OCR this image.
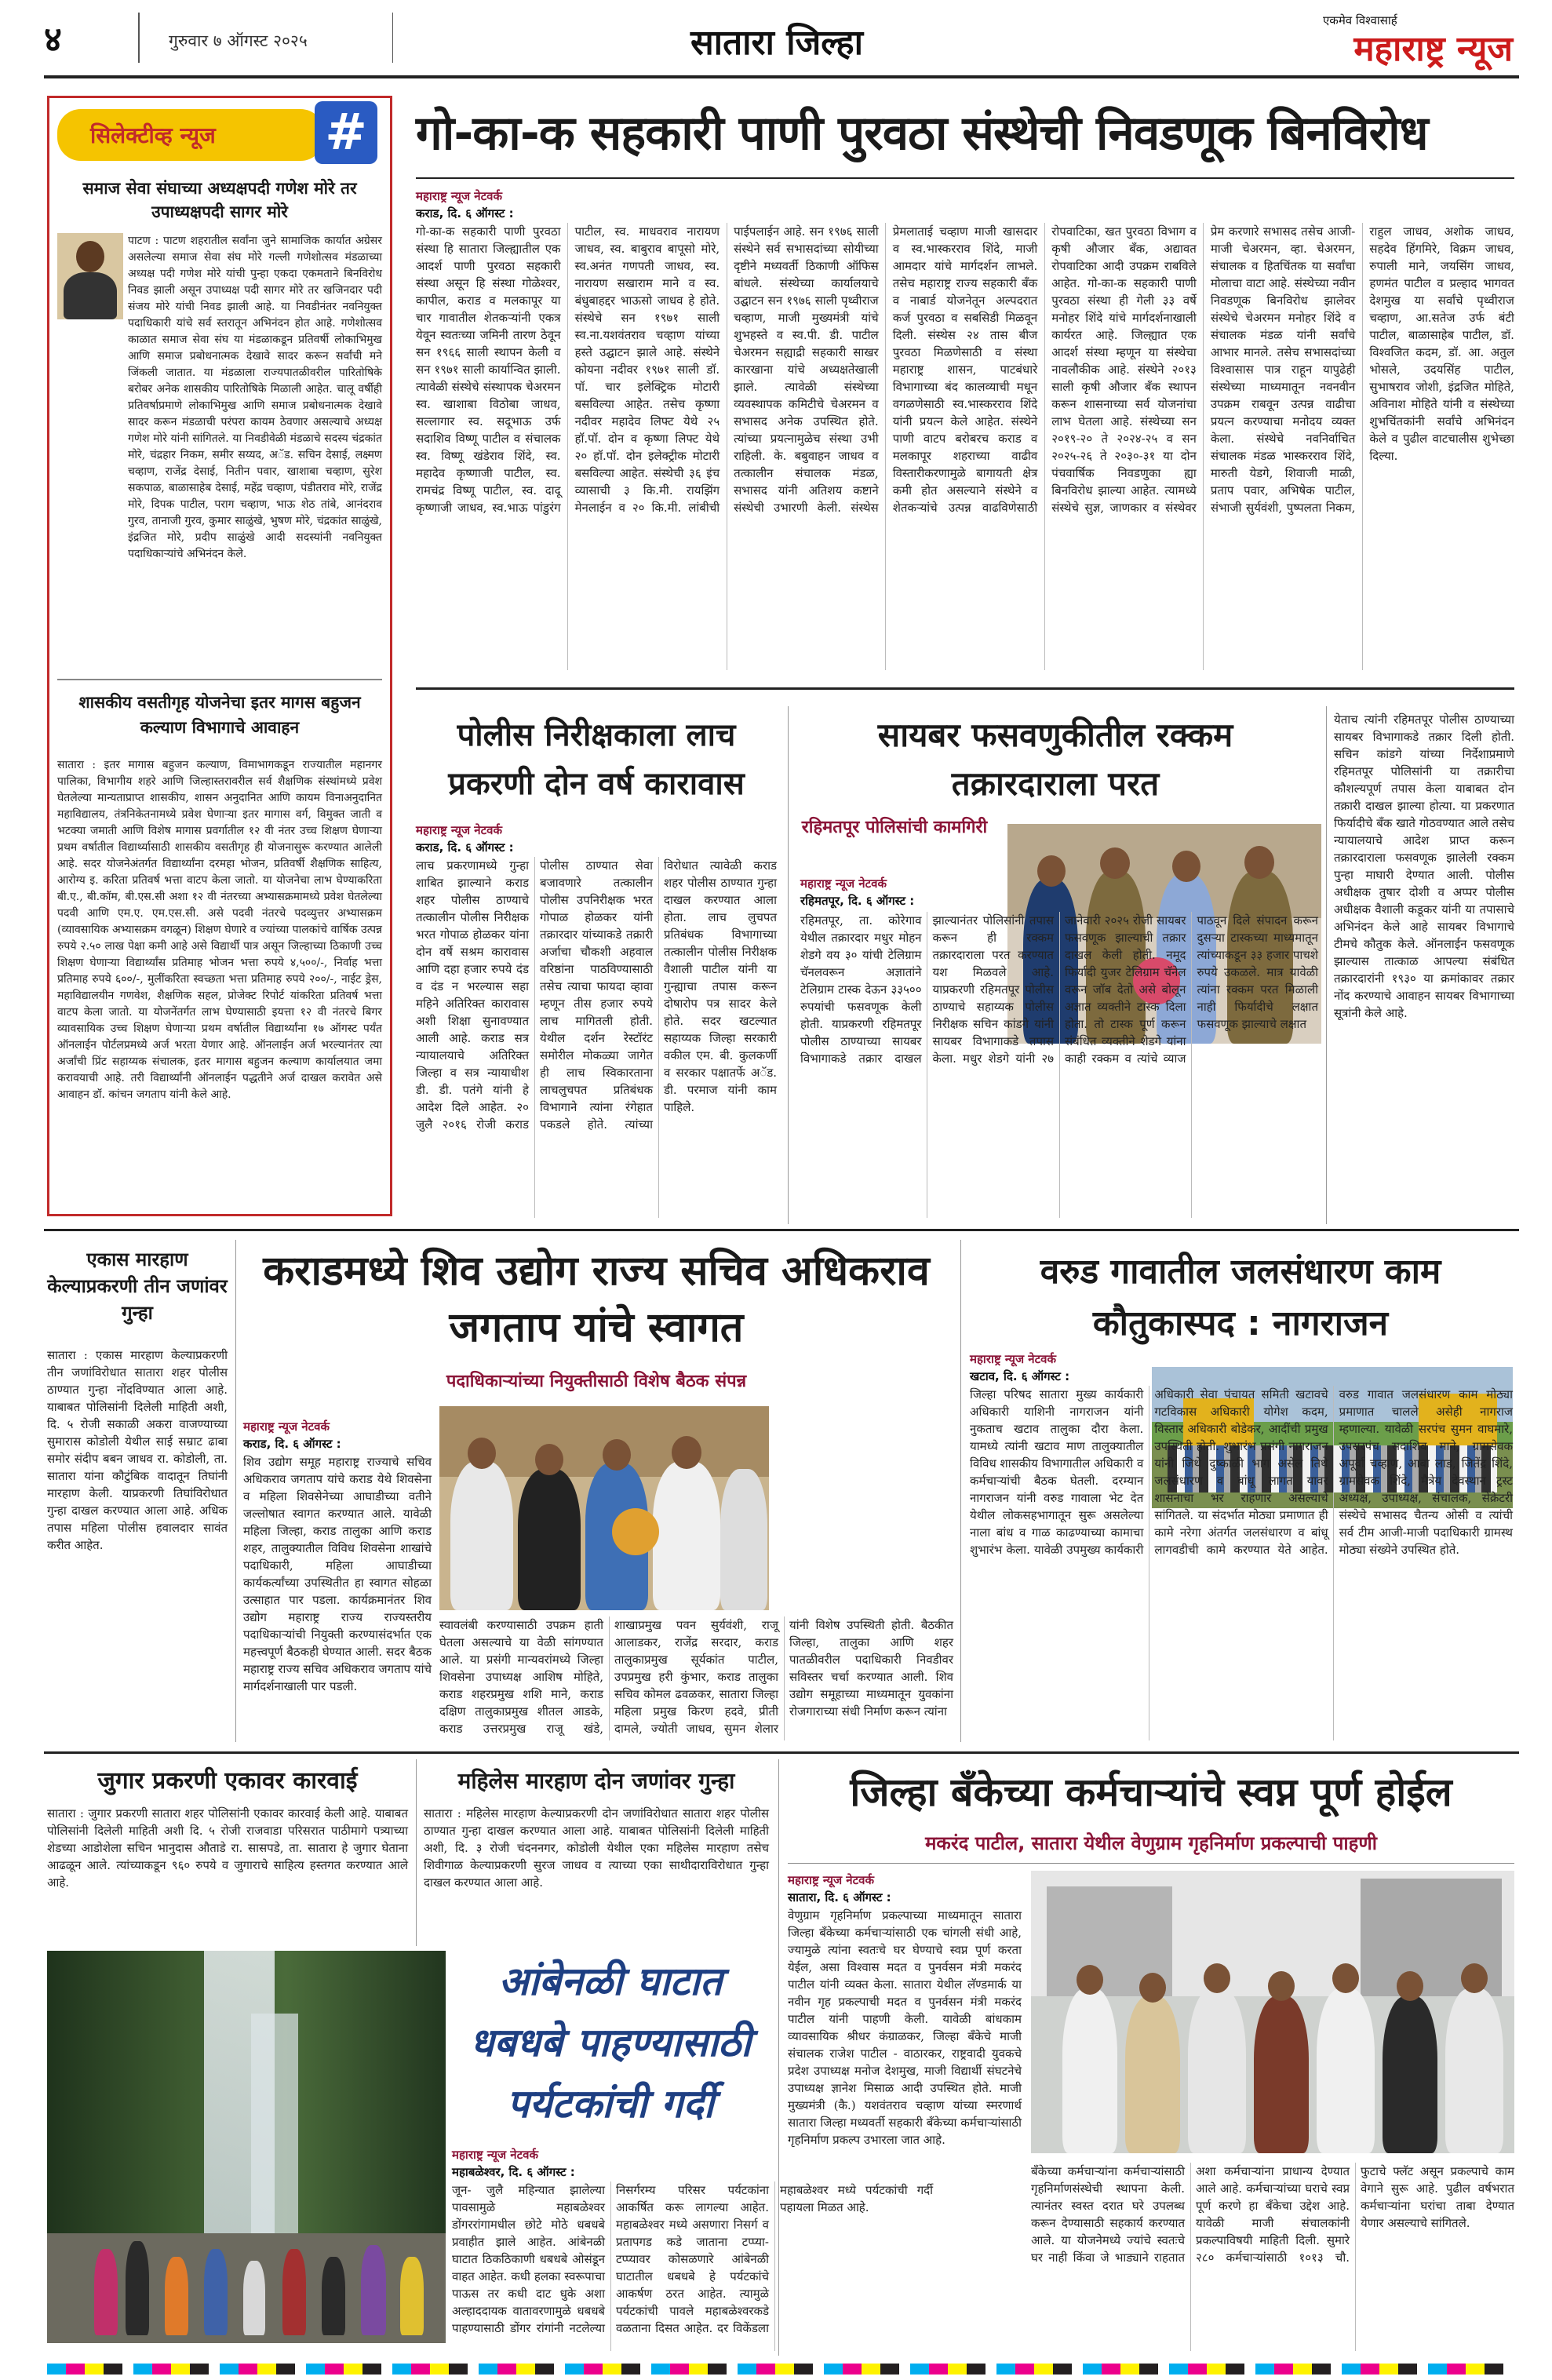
४	गुरुवार ७ ऑगस्ट २०२५	सातारा जिल्हा
एकमेव विश्वासार्ह
महाराष्ट्र न्यूज
सिलेक्टीव्ह न्यूज #
समाज सेवा संघाच्या अध्यक्षपदी गणेश मोरे तर उपाध्यक्षपदी सागर मोरे
पाटण : पाटण शहरातील सर्वांना जुने सामाजिक कार्यात अग्रेसर असलेल्या समाज सेवा संघ मोरे गल्ली गणेशोत्सव मंडळाच्या अध्यक्ष पदी गणेश मोरे यांची पुन्हा एकदा एकमताने बिनविरोध निवड झाली असून उपाध्यक्ष पदी सागर मोरे तर खजिनदार पदी संजय मोरे यांची निवड झाली आहे. या निवडीनंतर नवनियुक्त पदाधिकारी यांचे सर्व स्तरातून अभिनंदन होत आहे. गणेशोत्सव काळात समाज सेवा संघ या मंडळाकडून प्रतिवर्षी लोकाभिमुख आणि समाज प्रबोधनात्मक देखावे सादर करून सर्वांची मने जिंकली जातात. या मंडळाला राज्यपातळीवरील पारितोषिके बरोबर अनेक शासकीय पारितोषिके मिळाली आहेत. चालू वर्षीही प्रतिवर्षाप्रमाणे लोकाभिमुख आणि समाज प्रबोधनात्मक देखावे सादर करून मंडळाची परंपरा कायम ठेवणार असल्याचे अध्यक्ष गणेश मोरे यांनी सांगितले. या निवडीवेळी मंडळाचे सदस्य चंद्रकांत मोरे, चंद्रहार निकम, समीर सय्यद, अॅड. सचिन देसाई, लक्ष्मण चव्हाण, राजेंद्र देसाई, नितीन पवार, खाशाबा चव्हाण, सुरेश सकपाळ, बाळासाहेब देसाई, महेंद्र चव्हाण, पंडीतराव मोरे, राजेंद्र मोरे, दिपक पाटील, पराग चव्हाण, भाऊ शेठ तांबे, आनंदराव गुरव, तानाजी गुरव, कुमार साळुंखे, भुषण मोरे, चंद्रकांत साळुंखे, इंद्रजित मोरे, प्रदीप साळुंखे आदी सदस्यांनी नवनियुक्त पदाधिकाऱ्यांचे अभिनंदन केले.
शासकीय वसतीगृह योजनेचा इतर मागस बहुजन कल्याण विभागाचे आवाहन
सातारा : इतर मागास बहुजन कल्याण, विमाभागकडून राज्यातील महानगर पालिका, विभागीय शहरे आणि जिल्हास्तरावरील सर्व शैक्षणिक संस्थांमध्ये प्रवेश घेतलेल्या मान्यताप्राप्त शासकीय, शासन अनुदानित आणि कायम विनाअनुदानित महाविद्यालय, तंत्रनिकेतनामध्ये प्रवेश घेणाऱ्या इतर मागास वर्ग, विमुक्त जाती व भटक्या जमाती आणि विशेष मागास प्रवर्गातील १२ वी नंतर उच्च शिक्षण घेणाऱ्या प्रथम वर्षातील विद्यार्थ्यासाठी शासकीय वसतीगृह ही योजनासुरू करण्यात आलेली आहे. सदर योजनेअंतर्गत विद्यार्थ्यांना दरमहा भोजन, प्रतिवर्षी शैक्षणिक साहित्य, आरोग्य इ. करिता प्रतिवर्ष भत्ता वाटप केला जातो. या योजनेचा लाभ घेण्याकरिता बी.ए., बी.कॉम, बी.एस.सी अशा १२ वी नंतरच्या अभ्यासक्रमामध्ये प्रवेश घेतलेल्या पदवी आणि एम.ए. एम.एस.सी. असे पदवी नंतरचे पदव्युत्तर अभ्यासक्रम (व्यावसायिक अभ्यासक्रम वगळून) शिक्षण घेणारे व ज्यांच्या पालकांचे वार्षिक उत्पन्न रुपये २.५० लाख पेक्षा कमी आहे असे विद्यार्थी पात्र असून जिल्हाच्या ठिकाणी उच्च शिक्षण घेणाऱ्या विद्यार्थ्यांस प्रतिमाह भोजन भत्ता रुपये ४,५००/-, निर्वाह भत्ता प्रतिमाह रुपये ६००/-, मुलींकरिता स्वच्छता भत्ता प्रतिमाह रुपये २००/-, नाईट ड्रेस, महाविद्यालयीन गणवेश, शैक्षणिक सहल, प्रोजेक्ट रिपोर्ट यांकरिता प्रतिवर्ष भत्ता वाटप केला जातो. या योजनेंतर्गत लाभ घेण्यासाठी इयत्ता १२ वी नंतरचे बिगर व्यावसायिक उच्च शिक्षण घेणाऱ्या प्रथम वर्षातील विद्यार्थ्यांना १७ ऑगस्ट पर्यंत ऑनलाईन पोर्टलप्रमध्ये अर्ज भरता येणार आहे. ऑनलाईन अर्ज भरल्यानंतर त्या अर्जांची प्रिंट सहाय्यक संचालक, इतर मागास बहुजन कल्याण कार्यालयात जमा करावयाची आहे. तरी विद्यार्थ्यांनी ऑनलाईन पद्धतीने अर्ज दाखल करावेत असे आवाहन डॉ. कांचन जगताप यांनी केले आहे.
गो-का-क सहकारी पाणी पुरवठा संस्थेची निवडणूक बिनविरोध
महाराष्ट्र न्यूज नेटवर्क
कराड, दि. ६ ऑगस्ट :
गो-का-क सहकारी पाणी पुरवठा संस्था हि सातारा जिल्ह्यातील एक आदर्श पाणी पुरवठा सहकारी संस्था असून हि संस्था गोळेश्वर, कापील, कराड व मलकापूर या चार गावातील शेतकऱ्यांनी एकत्र येवून स्वतःच्या जमिनी तारण ठेवून सन १९६६ साली स्थापन केली व सन १९७१ साली कार्यान्वित झाली. त्यावेळी संस्थेचे संस्थापक चेअरमन स्व. खाशाबा विठोबा जाधव, सल्लागार स्व. सदूभाऊ उर्फ सदाशिव विष्णू पाटील व संचालक स्व. विष्णू खंडेराव शिंदे, स्व. महादेव कृष्णाजी पाटील, स्व. रामचंद्र विष्णू पाटील, स्व. दादू कृष्णाजी जाधव, स्व.भाऊ पांडुरंग पाटील, स्व. माधवराव नारायण जाधव, स्व. बाबुराव बापूसो मोरे, स्व.अनंत गणपती जाधव, स्व. नारायण सखाराम माने व स्व. बंधुबाहद्दर भाऊसो जाधव हे होते. संस्थेचे सन १९७१ साली स्व.ना.यशवंतराव चव्हाण यांच्या हस्ते उद्घाटन झाले आहे. संस्थेने कोयना नदीवर १९७१ साली डॉ. पॉ. चार इलेक्ट्रिक मोटारी बसविल्या आहेत. तसेच कृष्णा नदीवर महादेव लिफ्ट येथे २५ हॉ.पॉ. दोन व कृष्णा लिफ्ट येथे २० हॉ.पॉ. दोन इलेक्ट्रीक मोटारी बसविल्या आहेत. संस्थेची ३६ इंच व्यासाची ३ कि.मी. रायझिंग मेनलाईन व २० कि.मी. लांबीची पाईपलाईन आहे. सन १९७६ साली संस्थेने सर्व सभासदांच्या सोयीच्या दृष्टीने मध्यवर्ती ठिकाणी ऑफिस बांधले. संस्थेच्या कार्यालयाचे उद्घाटन सन १९७६ साली पृथ्वीराज चव्हाण, माजी मुख्यमंत्री यांचे शुभहस्ते व स्व.पी. डी. पाटील चेअरमन सह्याद्री सहकारी साखर कारखाना यांचे अध्यक्षतेखाली झाले. त्यावेळी संस्थेच्या व्यवस्थापक कमिटीचे चेअरमन व सभासद अनेक उपस्थित होते. त्यांच्या प्रयत्नामुळेच संस्था उभी राहिली. के. बबुवाहन जाधव व तत्कालीन संचालक मंडळ, सभासद यांनी अतिशय कष्टाने संस्थेची उभारणी केली. संस्थेस प्रेमलाताई चव्हाण माजी खासदार व स्व.भास्करराव शिंदे, माजी आमदार यांचे मार्गदर्शन लाभले. तसेच महाराष्ट्र राज्य सहकारी बँक व नाबार्ड योजनेतून अल्पदरात कर्ज पुरवठा व सबसिडी मिळवून दिली. संस्थेस २४ तास बीज पुरवठा मिळणेसाठी व संस्था महाराष्ट्र शासन, पाटबंधारे विभागाच्या बंद कालव्याची मधून वगळणेसाठी स्व.भास्करराव शिंदे यांनी प्रयत्न केले आहेत. संस्थेने पाणी वाटप बरोबरच कराड व मलकापूर शहराच्या वाढीव विस्तारीकरणामुळे बागायती क्षेत्र कमी होत असल्याने संस्थेने व शेतकऱ्यांचे उत्पन्न वाढविणेसाठी रोपवाटिका, खत पुरवठा विभाग व कृषी औजार बँक, अद्यावत रोपवाटिका आदी उपक्रम राबविले आहेत. गो-का-क सहकारी पाणी पुरवठा संस्था ही गेली ३३ वर्षे मनोहर शिंदे यांचे मार्गदर्शनाखाली कार्यरत आहे. जिल्ह्यात एक आदर्श संस्था म्हणून या संस्थेचा नावलौकीक आहे. संस्थेने २०१३ साली कृषी औजार बँक स्थापन करून शासनाच्या सर्व योजनांचा लाभ घेतला आहे. संस्थेच्या सन २०१९-२० ते २०२४-२५ व सन २०२५-२६ ते २०३०-३१ या दोन पंचवार्षिक निवडणुका ह्या बिनविरोध झाल्या आहेत. त्यामध्ये संस्थेचे सुज्ञ, जाणकार व संस्थेवर प्रेम करणारे सभासद तसेच आजी-माजी चेअरमन, व्हा. चेअरमन, संचालक व हितचिंतक या सर्वांचा मोलाचा वाटा आहे. संस्थेच्या नवीन निवडणूक बिनविरोध झालेवर संस्थेचे चेअरमन मनोहर शिंदे व संचालक मंडळ यांनी सर्वांचे आभार मानले. तसेच सभासदांच्या विश्वासास पात्र राहून यापुढेही संस्थेच्या माध्यमातून नवनवीन उपक्रम राबवून उत्पन्न वाढीचा प्रयत्न करण्याचा मनोदय व्यक्त केला. संस्थेचे नवनिर्वाचित संचालक मंडळ भास्करराव शिंदे, मारुती येडगे, शिवाजी माळी, प्रताप पवार, अभिषेक पाटील, संभाजी सुर्यवंशी, पुष्पलता निकम, राहुल जाधव, अशोक जाधव, सहदेव हिंगमिरे, विक्रम जाधव, रुपाली माने, जयसिंग जाधव, हणमंत पाटील व प्रल्हाद भागवत देशमुख या सर्वांचे पृथ्वीराज चव्हाण, आ.सतेज उर्फ बंटी पाटील, बाळासाहेब पाटील, डॉ. विश्वजित कदम, डॉ. आ. अतुल भोसले, उदयसिंह पाटील, सुभाषराव जोशी, इंद्रजित मोहिते, अविनाश मोहिते यांनी व संस्थेच्या शुभचिंतकांनी सर्वांचे अभिनंदन केले व पुढील वाटचालीस शुभेच्छा दिल्या.
पोलीस निरीक्षकाला लाच प्रकरणी दोन वर्ष कारावास
महाराष्ट्र न्यूज नेटवर्क
कराड, दि. ६ ऑगस्ट :
लाच प्रकरणामध्ये गुन्हा शाबित झाल्याने कराड शहर पोलीस ठाण्याचे तत्कालीन पोलीस निरीक्षक भरत गोपाळ होळकर यांना दोन वर्षे सश्रम कारावास आणि दहा हजार रुपये दंड व दंड न भरल्यास सहा महिने अतिरिक्त कारावास अशी शिक्षा सुनावण्यात आली आहे. कराड सत्र न्यायालयाचे अतिरिक्त जिल्हा व सत्र न्यायाधीश डी. डी. पतंगे यांनी हे आदेश दिले आहेत. २० जुलै २०१६ रोजी कराड पोलीस ठाण्यात सेवा बजावणारे तत्कालीन पोलीस उपनिरीक्षक भरत गोपाळ होळकर यांनी तक्रारदार यांच्याकडे तक्रारी अर्जाचा चौकशी अहवाल वरिष्ठांना पाठविण्यासाठी तसेच त्याचा फायदा व्हावा म्हणून तीस हजार रुपये लाच मागितली होती. येथील दर्शन रेस्टॉरंट समोरील मोकळ्या जागेत ही लाच स्विकारताना लाचलुचपत प्रतिबंधक विभागाने त्यांना रंगेहात पकडले होते. त्यांच्या विरोधात त्यावेळी कराड शहर पोलीस ठाण्यात गुन्हा दाखल करण्यात आला होता. लाच लुचपत प्रतिबंधक विभागाच्या तत्कालीन पोलीस निरीक्षक वैशाली पाटील यांनी या गुन्ह्याचा तपास करून दोषारोप पत्र सादर केले होते. सदर खटल्यात सहाय्यक जिल्हा सरकारी वकील एम. बी. कुलकर्णी व सरकार पक्षातर्फे अॅड. डी. परमाज यांनी काम पाहिले.
सायबर फसवणुकीतील रक्कम तक्रारदाराला परत
रहिमतपूर पोलिसांची कामगिरी
महाराष्ट्र न्यूज नेटवर्क
रहिमतपूर, दि. ६ ऑगस्ट :
रहिमतपूर, ता. कोरेगाव येथील तक्रारदार मधुर मोहन शेडगे वय ३० यांची टेलिग्राम चॅनलवरून अज्ञातांने टेलिग्राम टास्क देऊन ३३५०० रुपयांची फसवणूक केली होती. याप्रकरणी रहिमतपूर पोलीस ठाण्याच्या सायबर विभागाकडे तक्रार दाखल झाल्यानंतर पोलिसांनी तपास करून ही रक्कम तक्रारदाराला परत करण्यात यश मिळवले आहे. याप्रकरणी रहिमतपूर पोलीस ठाण्याचे सहाय्यक पोलीस निरीक्षक सचिन कांडगे यांनी सायबर विभागाकडे तपास केला. मधुर शेडगे यांनी २७ जानेवारी २०२५ रोजी सायबर फसवणूक झाल्याची तक्रार दाखल केली होती. नमूद फिर्यादी युजर टेलिग्राम चॅनेल वरून जॉब देतो असे बोलून अज्ञात व्यक्तीने टास्क दिला होता. तो टास्क पूर्ण करून संबंधित व्यक्तीने शेडगे यांना काही रक्कम व त्यांचे व्याज पाठवून दिले संपादन करून दुसऱ्या टास्कच्या माध्यमातून त्यांच्याकडून ३३ हजार पाचशे रुपये उकळले. मात्र यावेळी त्यांना रक्कम परत मिळाली नाही फिर्यादीचे लक्षात फसवणूक झाल्याचे लक्षात
येताच त्यांनी रहिमतपूर पोलीस ठाण्याच्या सायबर विभागाकडे तक्रार दिली होती. सचिन कांडगे यांच्या निर्देशाप्रमाणे रहिमतपूर पोलिसांनी या तक्रारीचा कौशल्यपूर्ण तपास केला याबाबत दोन तक्रारी दाखल झाल्या होत्या. या प्रकरणात फिर्यादीचे बँक खाते गोठवण्यात आले तसेच न्यायालयाचे आदेश प्राप्त करून तक्रारदाराला फसवणूक झालेली रक्कम पुन्हा माघारी देण्यात आली. पोलीस अधीक्षक तुषार दोशी व अप्पर पोलीस अधीक्षक वैशाली कडूकर यांनी या तपासाचे अभिनंदन केले आहे सायबर विभागाचे टीमचे कौतुक केले. ऑनलाईन फसवणूक झाल्यास तात्काळ आपल्या संबंधित तक्रारदारांनी १९३० या क्रमांकावर तक्रार नोंद करण्याचे आवाहन सायबर विभागाच्या सूत्रांनी केले आहे.
एकास मारहाण केल्याप्रकरणी तीन जणांवर गुन्हा
सातारा : एकास मारहाण केल्याप्रकरणी तीन जणांविरोधात सातारा शहर पोलीस ठाण्यात गुन्हा नोंदविण्यात आला आहे. याबाबत पोलिसांनी दिलेली माहिती अशी, दि. ५ रोजी सकाळी अकरा वाजण्याच्या सुमारास कोडोली येथील साई सम्राट ढाबा समोर संदीप बबन जाधव रा. कोडोली, ता. सातारा यांना कौटुंबिक वादातून तिघांनी मारहाण केली. याप्रकरणी तिघांविरोधात गुन्हा दाखल करण्यात आला आहे. अधिक तपास महिला पोलीस हवालदार सावंत करीत आहेत.
कराडमध्ये शिव उद्योग राज्य सचिव अधिकराव जगताप यांचे स्वागत
पदाधिकाऱ्यांच्या नियुक्तीसाठी विशेष बैठक संपन्न
महाराष्ट्र न्यूज नेटवर्क
कराड, दि. ६ ऑगस्ट :
शिव उद्योग समूह महाराष्ट्र राज्याचे सचिव अधिकराव जगताप यांचे कराड येथे शिवसेना व महिला शिवसेनेच्या आघाडीच्या वतीने जल्लोषात स्वागत करण्यात आले. यावेळी महिला जिल्हा, कराड तालुका आणि कराड शहर, तालुक्यातील विविध शिवसेना शाखांचे पदाधिकारी, महिला आघाडीच्या कार्यकर्त्यांच्या उपस्थितीत हा स्वागत सोहळा उत्साहात पार पडला. कार्यक्रमानंतर शिव उद्योग महाराष्ट्र राज्य राज्यस्तरीय पदाधिकाऱ्यांची नियुक्ती करण्यासंदर्भात एक महत्त्वपूर्ण बैठकही घेण्यात आली. सदर बैठक महाराष्ट्र राज्य सचिव अधिकराव जगताप यांचे मार्गदर्शनाखाली पार पडली.
स्वावलंबी करण्यासाठी उपक्रम हाती घेतला असल्याचे या वेळी सांगण्यात आले. या प्रसंगी मान्यवरांमध्ये जिल्हा शिवसेना उपाध्यक्ष आशिष मोहिते, कराड शहरप्रमुख शशि माने, कराड दक्षिण तालुकाप्रमुख शीतल आडके, कराड उत्तरप्रमुख राजू खंडे, शाखाप्रमुख पवन सुर्यवंशी, राजू आलाडकर, राजेंद्र सरदार, कराड तालुकाप्रमुख सूर्यकांत पाटील, उपप्रमुख हरी कुंभार, कराड तालुका सचिव कोमल ढवळकर, सातारा जिल्हा महिला प्रमुख किरण हदवे, प्रीती दामले, ज्योती जाधव, सुमन शेलार यांनी विशेष उपस्थिती होती. बैठकीत जिल्हा, तालुका आणि शहर पातळीवरील पदाधिकारी निवडीवर सविस्तर चर्चा करण्यात आली. शिव उद्योग समूहाच्या माध्यमातून युवकांना रोजगाराच्या संधी निर्माण करून त्यांना
वरुड गावातील जलसंधारण काम कौतुकास्पद : नागराजन
महाराष्ट्र न्यूज नेटवर्क
खटाव, दि. ६ ऑगस्ट :
जिल्हा परिषद सातारा मुख्य कार्यकारी अधिकारी याशिनी नागराजन यांनी नुकताच खटाव तालुका दौरा केला. यामध्ये त्यांनी खटाव माण तालुक्यातील विविध शासकीय विभागातील अधिकारी व कर्मचाऱ्यांची बैठक घेतली. दरम्यान नागराजन यांनी वरुड गावाला भेट देत येथील लोकसहभागातून सुरू असलेल्या नाला बांध व गाळ काढण्याच्या कामाचा शुभारंभ केला. यावेळी उपमुख्य कार्यकारी अधिकारी सेवा पंचायत समिती खटावचे गटविकास अधिकारी योगेश कदम, विस्तार अधिकारी बोडेकर, आदींची प्रमुख उपस्थिती होती. शुभारंभ प्रसंगी नागराजन यांनी जिथे दुष्काळी भाग असेल तिथे जलसंधारण व बांधू लागत यावर शासनाचा भर राहणार असल्याचे सांगितले. या संदर्भात मोठ्या प्रमाणात ही कामे नरेगा अंतर्गत जलसंधारण व बांधू लागवडीची कामे करण्यात येते आहेत. वरुड गावात जलसंधारण काम मोठ्या प्रमाणात चालले असेही नागराज म्हणाल्या. यावेळी सरपंच सुमन वाघमारे, उपसरपंच सदाशिव माने, ग्रामसेवक अपूर्वा चव्हाण, आबा लाड, जितेंद्र शिंदे, ग्रामसेवक शिंदे, मैत्रेय देवस्थान ट्रस्ट अध्यक्ष, उपाध्यक्ष, संचालक, सेक्रेटरी संस्थेचे सभासद चैतन्य ओसी व त्यांची सर्व टीम आजी-माजी पदाधिकारी ग्रामस्थ मोठ्या संख्येने उपस्थित होते.
जुगार प्रकरणी एकावर कारवाई
सातारा : जुगार प्रकरणी सातारा शहर पोलिसांनी एकावर कारवाई केली आहे. याबाबत पोलिसांनी दिलेली माहिती अशी दि. ५ रोजी राजवाडा परिसरात पाठीमागे पत्र्याच्या शेडच्या आडोशेला सचिन भानुदास औताडे रा. सासपडे, ता. सातारा हे जुगार घेताना आढळून आले. त्यांच्याकडून ९६० रुपये व जुगाराचे साहित्य हस्तगत करण्यात आले आहे.
महिलेस मारहाण दोन जणांवर गुन्हा
सातारा : महिलेस मारहाण केल्याप्रकरणी दोन जणांविरोधात सातारा शहर पोलीस ठाण्यात गुन्हा दाखल करण्यात आला आहे. याबाबत पोलिसांनी दिलेली माहिती अशी, दि. ३ रोजी चंदननगर, कोडोली येथील एका महिलेस मारहाण तसेच शिवीगाळ केल्याप्रकरणी सुरज जाधव व त्याच्या एका साथीदाराविरोधात गुन्हा दाखल करण्यात आला आहे.
आंबेनळी घाटात धबधबे पाहण्यासाठी पर्यटकांची गर्दी
महाराष्ट्र न्यूज नेटवर्क
महाबळेश्वर, दि. ६ ऑगस्ट :
जून- जुलै महिन्यात झालेल्या पावसामुळे महाबळेश्वर डोंगररांगामधील छोटे मोठे धबधबे प्रवाहीत झाले आहेत. आंबेनळी घाटात ठिकठिकाणी धबधबे ओसंडून वाहत आहेत. कधी हलका स्वरूपाचा पाऊस तर कधी दाट धुके अशा अल्हाददायक वातावरणामुळे धबधबे पाहण्यासाठी डोंगर रांगांनी नटलेल्या निसर्गरम्य परिसर पर्यटकांना आकर्षित करू लागल्या आहेत. महाबळेश्वर मध्ये असणारा निसर्ग व प्रतापगड कडे जाताना टप्प्या-टप्प्यावर कोसळणारे आंबेनळी घाटातील धबधबे हे पर्यटकांचे आकर्षण ठरत आहेत. त्यामुळे पर्यटकांची पावले महाबळेश्वरकडे वळताना दिसत आहेत. दर विकेंडला महाबळेश्वर मध्ये पर्यटकांची गर्दी पहायला मिळत आहे.
जिल्हा बँकेच्या कर्मचाऱ्यांचे स्वप्न पूर्ण होईल
मकरंद पाटील, सातारा येथील वेणुग्राम गृहनिर्माण प्रकल्पाची पाहणी
महाराष्ट्र न्यूज नेटवर्क
सातारा, दि. ६ ऑगस्ट :
वेणुग्राम गृहनिर्माण प्रकल्पाच्या माध्यमातून सातारा जिल्हा बँकेच्या कर्मचाऱ्यांसाठी एक चांगली संधी आहे, ज्यामुळे त्यांना स्वतःचे घर घेण्याचे स्वप्न पूर्ण करता येईल, असा विश्वास मदत व पुनर्वसन मंत्री मकरंद पाटील यांनी व्यक्त केला. सातारा येथील लॅण्डमार्क या नवीन गृह प्रकल्पाची मदत व पुनर्वसन मंत्री मकरंद पाटील यांनी पाहणी केली. यावेळी बांधकाम व्यावसायिक श्रीधर कंग्राळकर, जिल्हा बँकेचे माजी संचालक राजेश पाटील - वाठारकर, राष्ट्रवादी युवकचे प्रदेश उपाध्यक्ष मनोज देशमुख, माजी विद्यार्थी संघटनेचे उपाध्यक्ष ज्ञानेश मिसाळ आदी उपस्थित होते. माजी मुख्यमंत्री (कै.) यशवंतराव चव्हाण यांच्या स्मरणार्थ सातारा जिल्हा मध्यवर्ती सहकारी बँकेच्या कर्मचाऱ्यांसाठी गृहनिर्माण प्रकल्प उभारला जात आहे.
बँकेच्या कर्मचाऱ्यांना कर्मचाऱ्यांसाठी गृहनिर्माणसंस्थेची स्थापना केली. त्यानंतर स्वस्त दरात घरे उपलब्ध करून देण्यासाठी सहकार्य करण्यात आले. या योजनेमध्ये ज्यांचे स्वतःचे घर नाही किंवा जे भाड्याने राहतात अशा कर्मचाऱ्यांना प्राधान्य देण्यात आले आहे. कर्मचाऱ्यांच्या घराचे स्वप्न पूर्ण करणे हा बँकेचा उद्देश आहे. यावेळी माजी संचालकांनी प्रकल्पाविषयी माहिती दिली. सुमारे २८० कर्मचाऱ्यांसाठी १०१३ चौ. फुटाचे फ्लॅट असून प्रकल्पाचे काम वेगाने सुरू आहे. पुढील वर्षभरात कर्मचाऱ्यांना घरांचा ताबा देण्यात येणार असल्याचे सांगितले.
